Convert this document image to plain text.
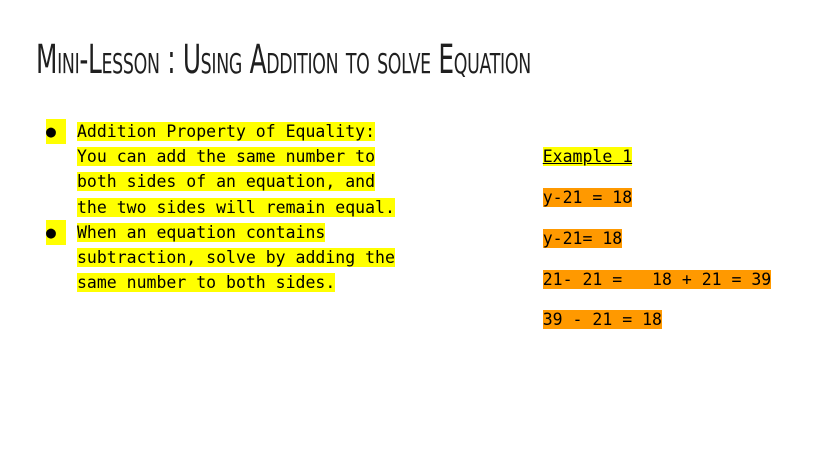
Mini-Lesson : Using Addition to solve Equation
●	Addition Property of Equality: You can add the same number to both sides of an equation, and the two sides will remain equal.
●	When an equation contains subtraction, solve by adding the same number to both sides.

Example 1

y-21 = 18

y-21= 18

21- 21 =   18 + 21 = 39

39 - 21 = 18
